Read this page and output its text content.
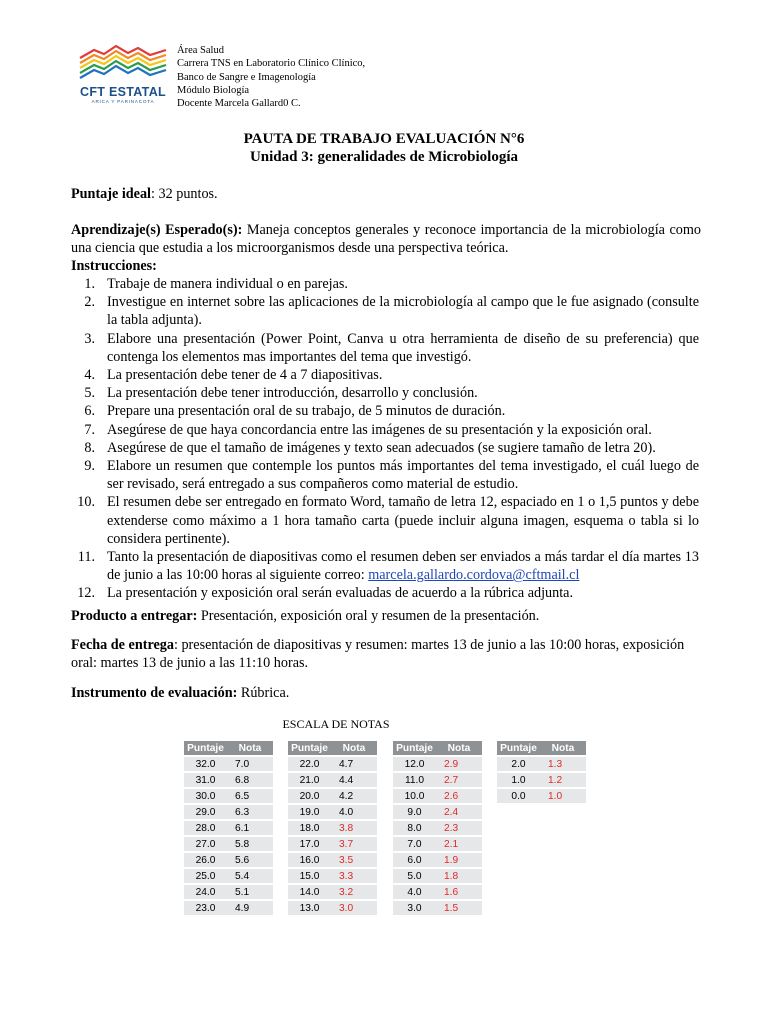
CFT ESTATAL
ARICA Y PARINACOTA
Área Salud
Carrera TNS en Laboratorio Clínico Clínico,
Banco de Sangre e Imagenología
Módulo Biología
Docente Marcela Gallard0 C.
PAUTA DE TRABAJO EVALUACIÓN N°6
Unidad 3: generalidades de Microbiología
Puntaje ideal: 32 puntos.
Aprendizaje(s) Esperado(s): Maneja conceptos generales y reconoce importancia de la microbiología como una ciencia que estudia a los microorganismos desde una perspectiva teórica.
Instrucciones:
1. Trabaje de manera individual o en parejas.
2. Investigue en internet sobre las aplicaciones de la microbiología al campo que le fue asignado (consulte la tabla adjunta).
3. Elabore una presentación (Power Point, Canva u otra herramienta de diseño de su preferencia) que contenga los elementos mas importantes del tema que investigó.
4. La presentación debe tener de 4 a 7 diapositivas.
5. La presentación debe tener introducción, desarrollo y conclusión.
6. Prepare una presentación oral de su trabajo, de 5 minutos de duración.
7. Asegúrese de que haya concordancia entre las imágenes de su presentación y la exposición oral.
8. Asegúrese de que el tamaño de imágenes y texto sean adecuados (se sugiere tamaño de letra 20).
9. Elabore un resumen que contemple los puntos más importantes del tema investigado, el cuál luego de ser revisado, será entregado a sus compañeros como material de estudio.
10. El resumen debe ser entregado en formato Word, tamaño de letra 12, espaciado en 1 o 1,5 puntos y debe extenderse como máximo a 1 hora tamaño carta (puede incluir alguna imagen, esquema o tabla si lo considera pertinente).
11. Tanto la presentación de diapositivas como el resumen deben ser enviados a más tardar el día martes 13 de junio a las 10:00 horas al siguiente correo: marcela.gallardo.cordova@cftmail.cl
12. La presentación y exposición oral serán evaluadas de acuerdo a la rúbrica adjunta.
Producto a entregar: Presentación, exposición oral y resumen de la presentación.
Fecha de entrega: presentación de diapositivas y resumen: martes 13 de junio a las 10:00 horas, exposición oral: martes 13 de junio a las 11:10 horas.
Instrumento de evaluación: Rúbrica.
ESCALA DE NOTAS
Puntaje	Nota
32.0	7.0
31.0	6.8
30.0	6.5
29.0	6.3
28.0	6.1
27.0	5.8
26.0	5.6
25.0	5.4
24.0	5.1
23.0	4.9
Puntaje	Nota
22.0	4.7
21.0	4.4
20.0	4.2
19.0	4.0
18.0	3.8
17.0	3.7
16.0	3.5
15.0	3.3
14.0	3.2
13.0	3.0
Puntaje	Nota
12.0	2.9
11.0	2.7
10.0	2.6
9.0	2.4
8.0	2.3
7.0	2.1
6.0	1.9
5.0	1.8
4.0	1.6
3.0	1.5
Puntaje	Nota
2.0	1.3
1.0	1.2
0.0	1.0
